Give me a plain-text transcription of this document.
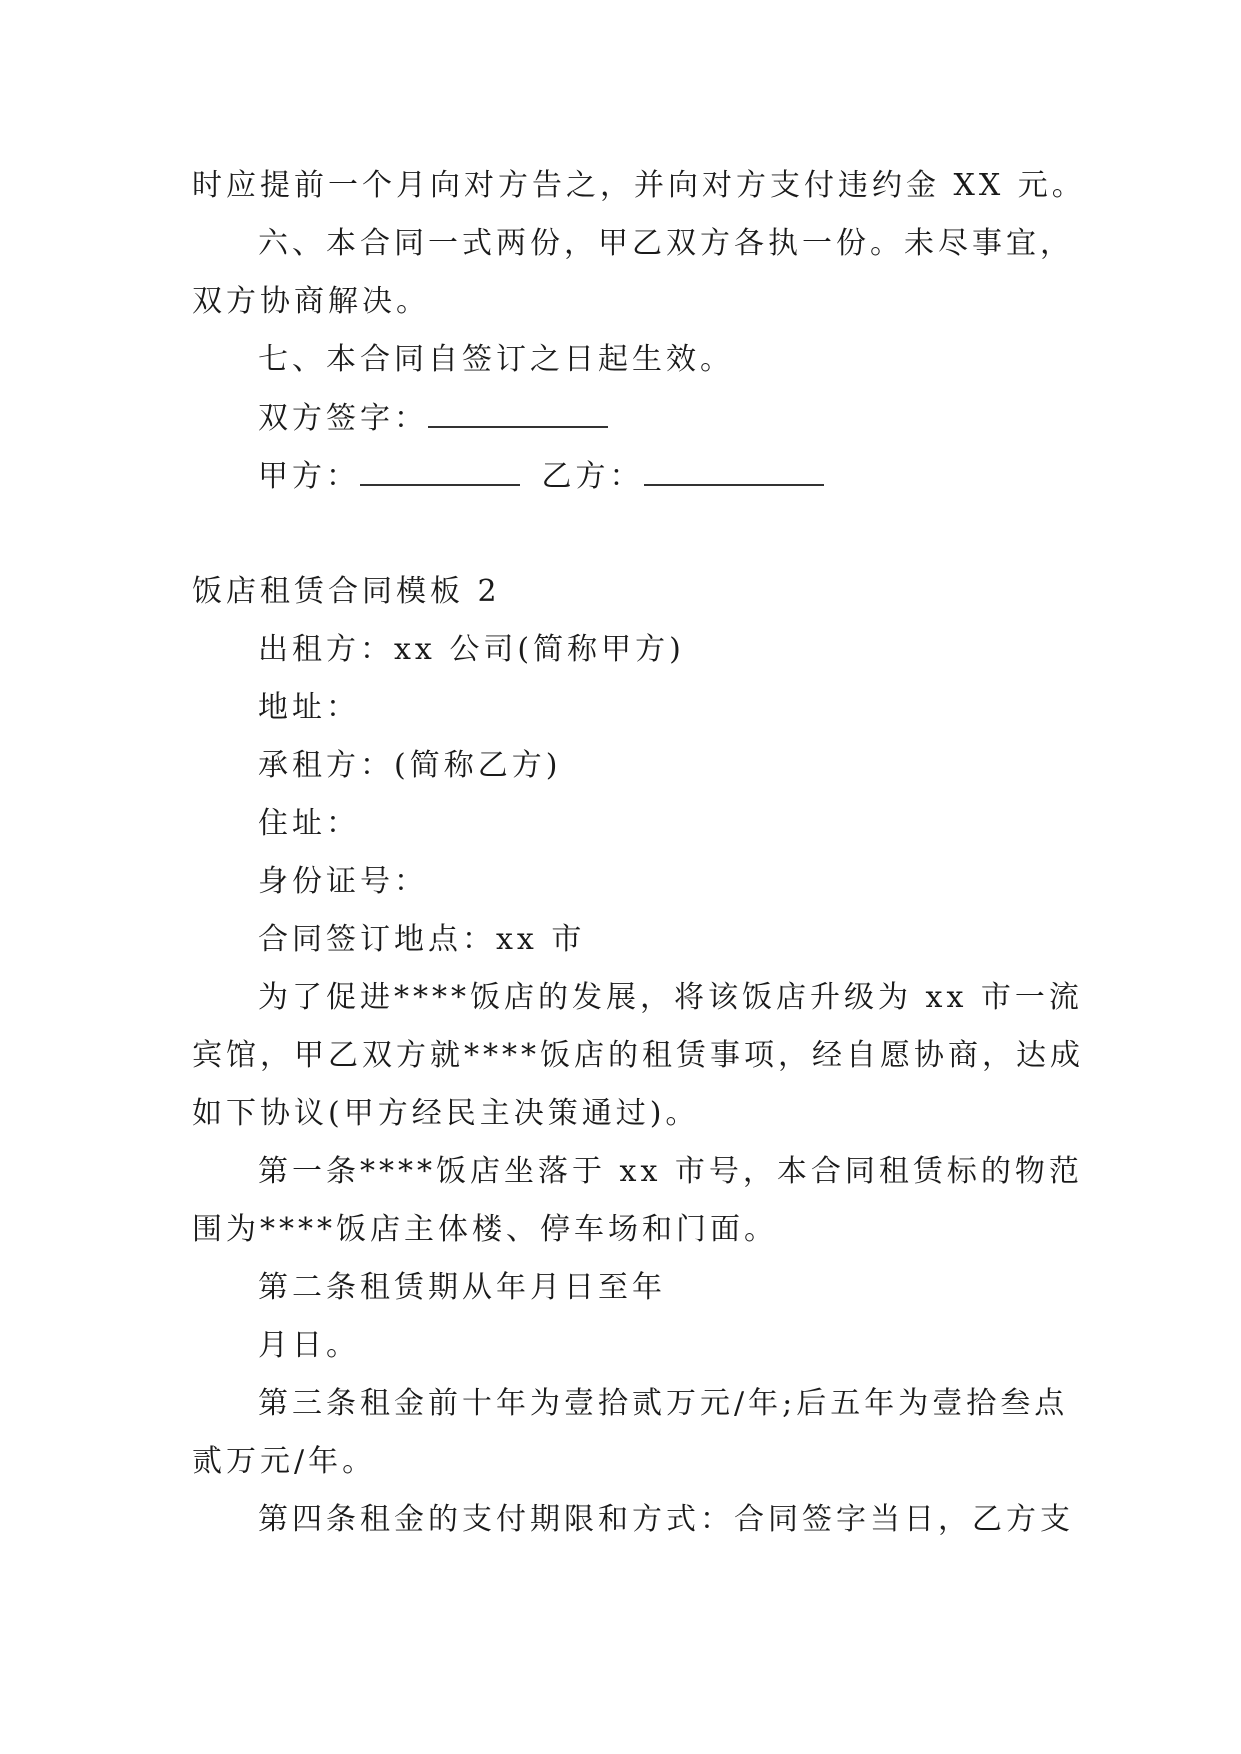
时应提前一个月向对方告之，并向对方支付违约金 XX 元。
六、本合同一式两份，甲乙双方各执一份。未尽事宜，
双方协商解决。
七、本合同自签订之日起生效。
双方签字：
甲方：	乙方：
饭店租赁合同模板 2
出租方：xx 公司(简称甲方)
地址：
承租方：(简称乙方)
住址：
身份证号：
合同签订地点：xx 市
为了促进****饭店的发展，将该饭店升级为 xx 市一流
宾馆，甲乙双方就****饭店的租赁事项，经自愿协商，达成
如下协议(甲方经民主决策通过)。
第一条****饭店坐落于 xx 市号，本合同租赁标的物范
围为****饭店主体楼、停车场和门面。
第二条租赁期从年月日至年
月日。
第三条租金前十年为壹拾贰万元/年;后五年为壹拾叁点
贰万元/年。
第四条租金的支付期限和方式：合同签字当日，乙方支
